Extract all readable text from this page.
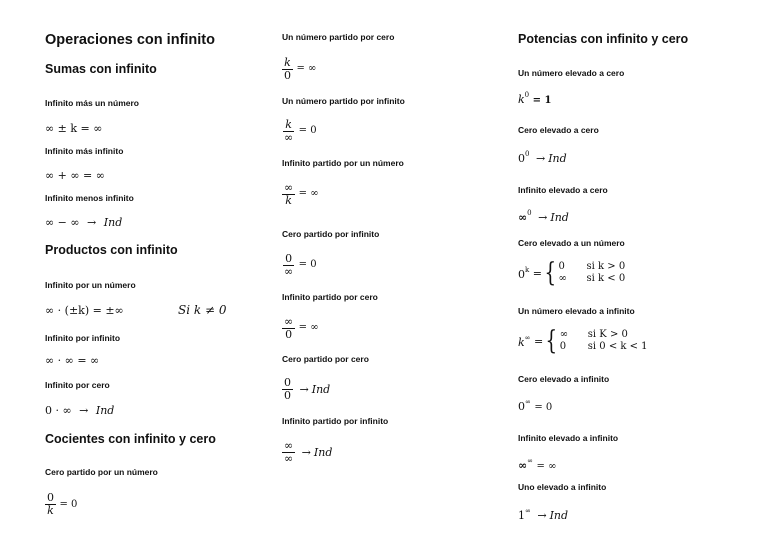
Operaciones con infinito
Sumas con infinito
Infinito más un número
∞ ± k = ∞
Infinito más infinito
∞ + ∞ = ∞
Infinito menos infinito
∞ − ∞ → Ind
Productos con infinito
Infinito por un número
∞ · (±k) = ±∞	Si k ≠ 0
Infinito por infinito
∞ · ∞ = ∞
Infinito por cero
0 · ∞ → Ind
Cocientes con infinito y cero
Cero partido por un número
$\frac{0}{k} = 0$
Un número partido por cero
$\frac{k}{0}$ = ∞
Un número partido por infinito
$\frac{k}{\infty} = 0$
Infinito partido por un número
$\frac{\infty}{k}$ = ∞
Cero partido por infinito
$\frac{0}{\infty} = 0$
Infinito partido por cero
$\frac{\infty}{0}$ = ∞
Cero partido por cero
$\frac{0}{0}$ → Ind
Infinito partido por infinito
$\frac{\infty}{\infty}$ → Ind
Potencias con infinito y cero
Un número elevado a cero
$k^0 = 1$
Cero elevado a cero
$0^0$ → Ind
Infinito elevado a cero
∞$^0$ → Ind
Cero elevado a un número
$0^k$ ={ 0 si k > 0
∞ si k < 0
Un número elevado a infinito
k∞ ={ ∞ si K > 0
0 si 0 < k < 1
Cero elevado a infinito
0∞ = 0
Infinito elevado a infinito
∞∞ = ∞
Uno elevado a infinito
1∞ → Ind
